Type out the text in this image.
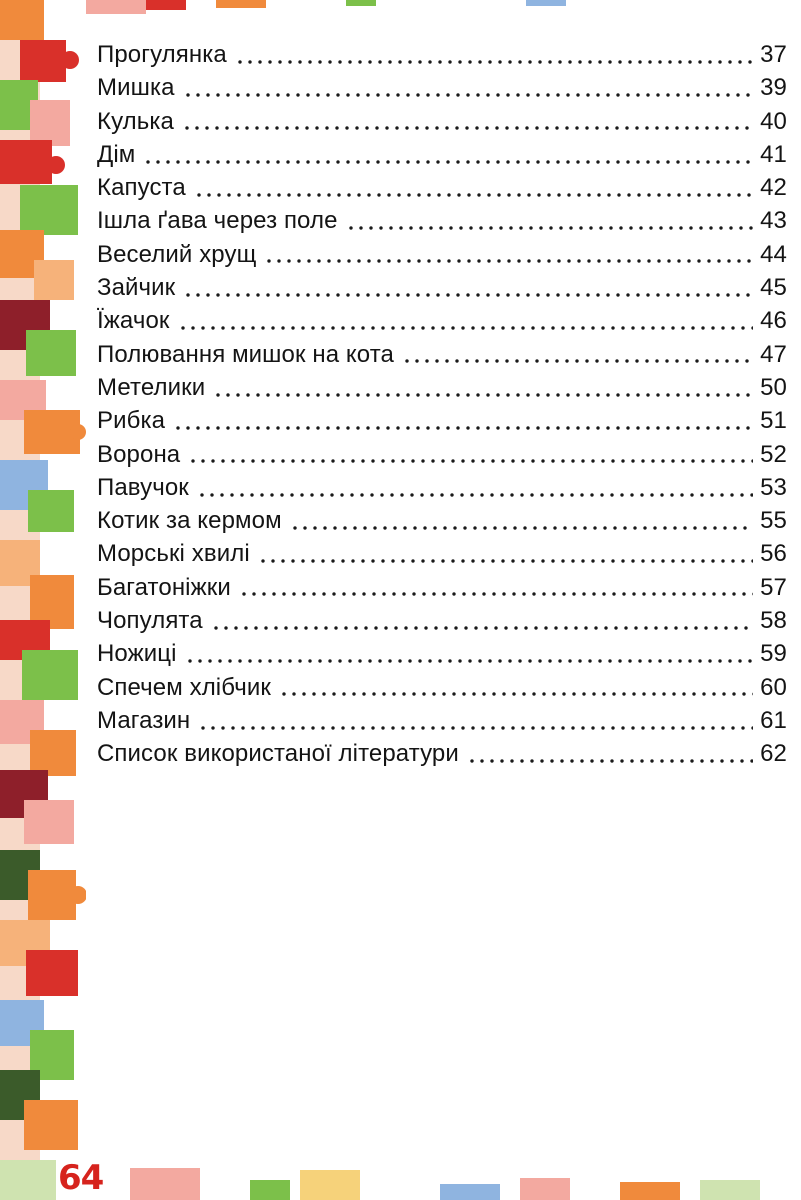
Прогулянка	37
Мишка	39
Кулька	40
Дім	41
Капуста	42
Ішла ґава через поле	43
Веселий хрущ	44
Зайчик	45
Їжачок	46
Полювання мишок на кота	47
Метелики	50
Рибка	51
Ворона	52
Павучок	53
Котик за кермом	55
Морські хвилі	56
Багатоніжки	57
Чопулята	58
Ножиці	59
Спечем хлібчик	60
Магазин	61
Список використаної літератури	62
64
